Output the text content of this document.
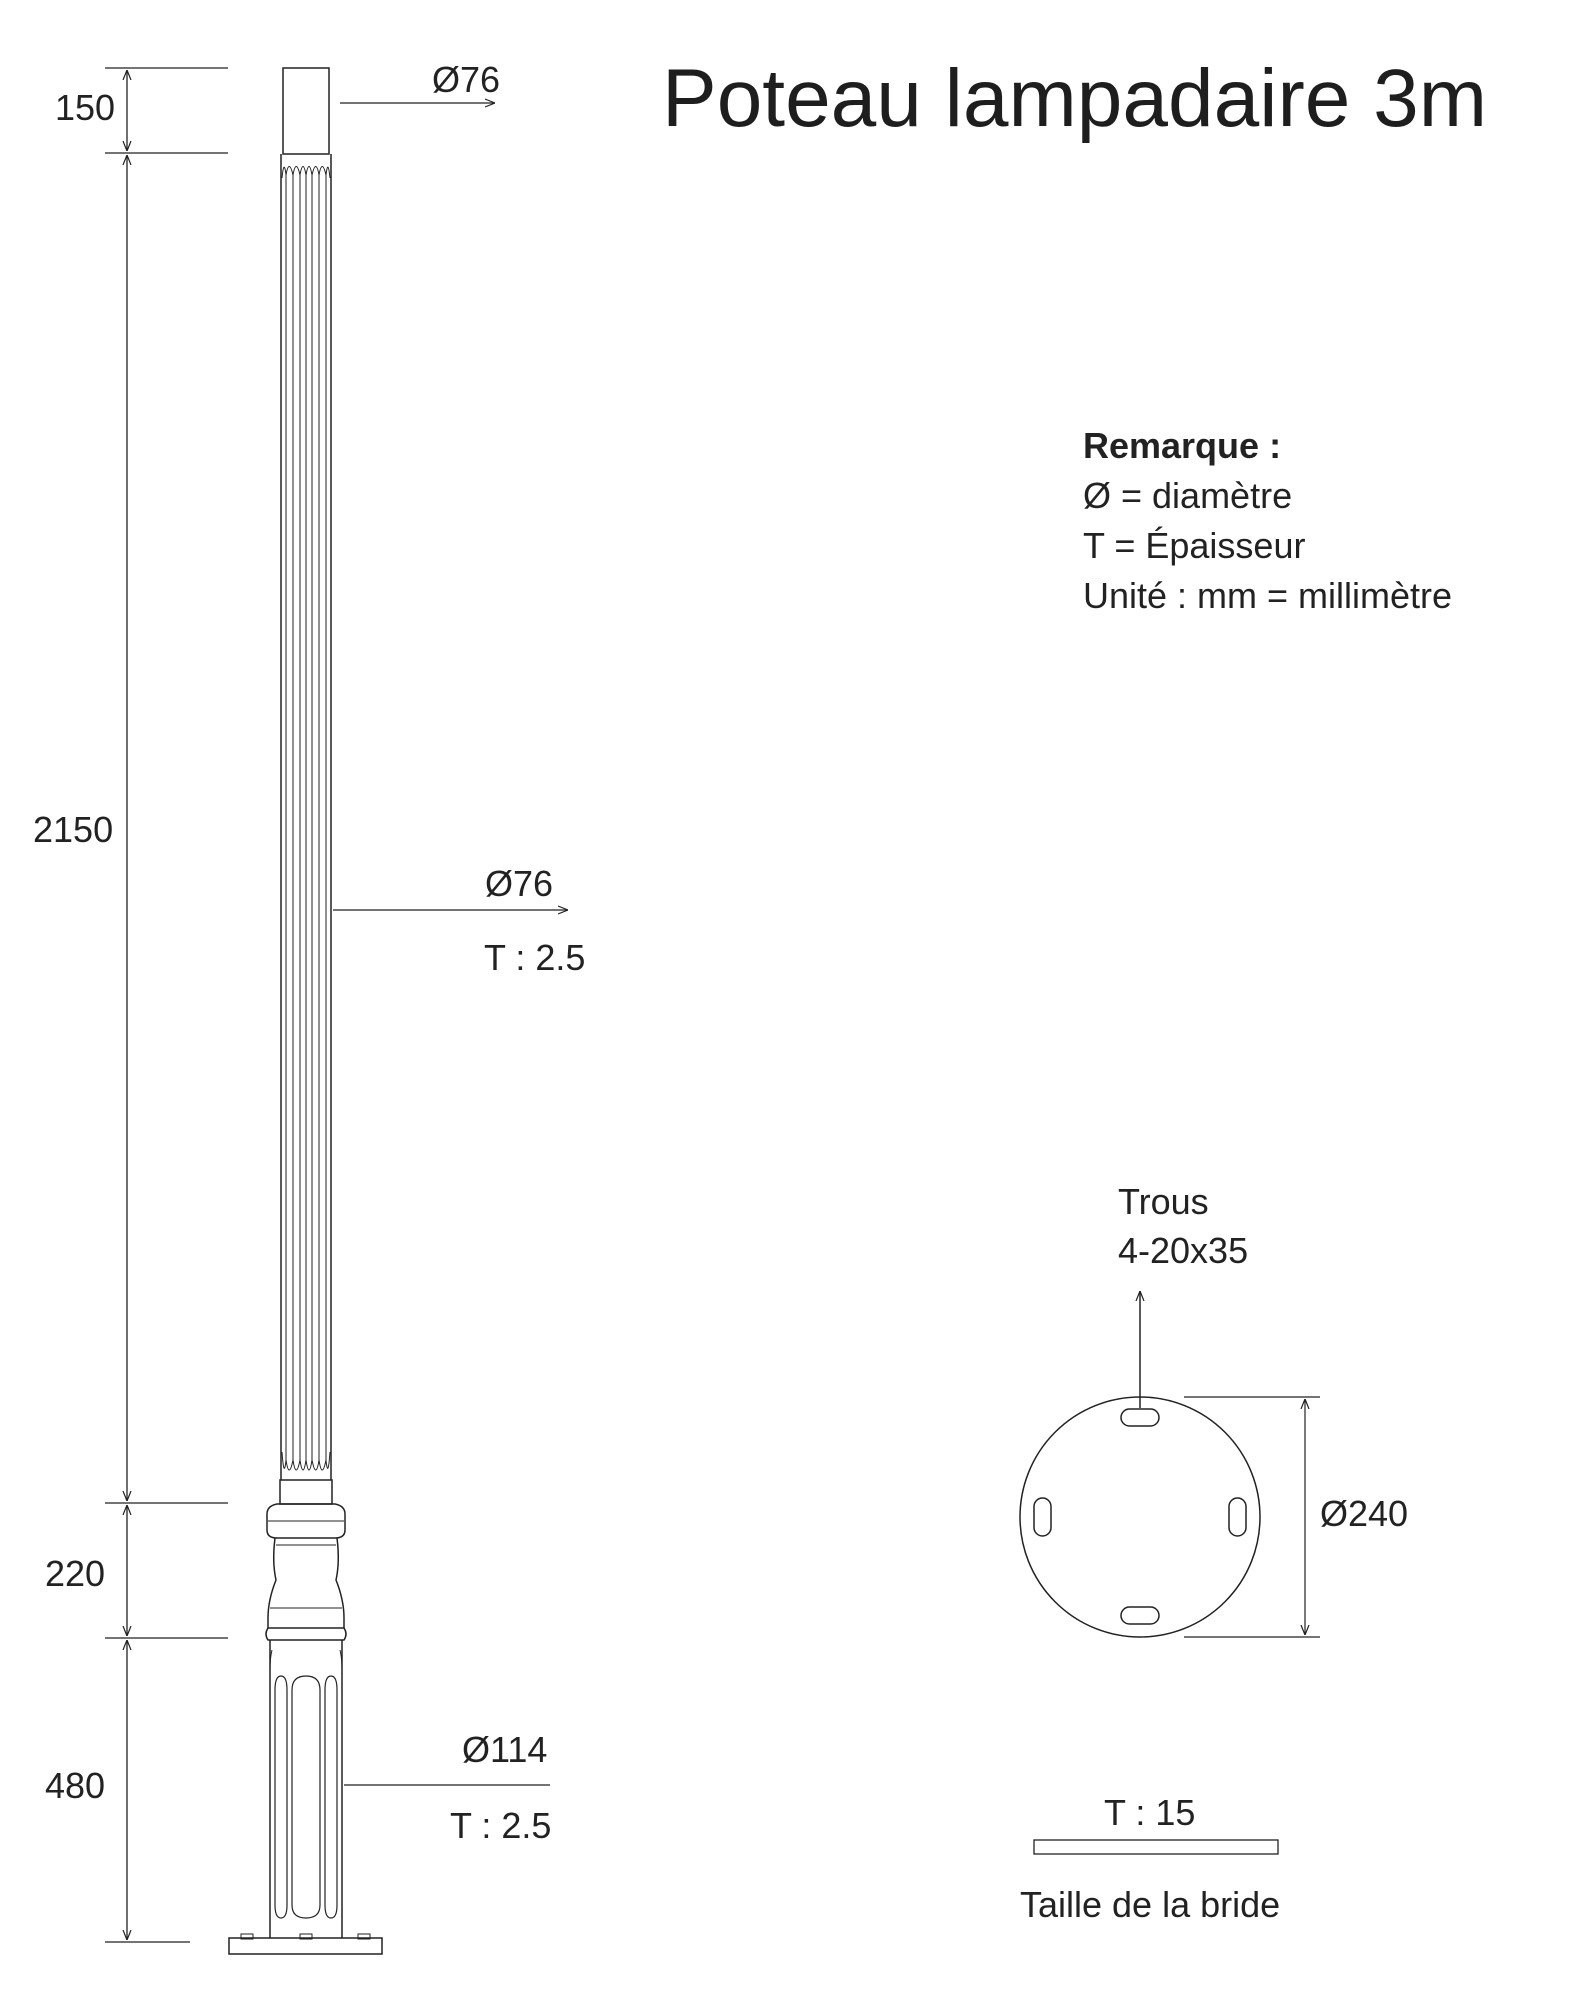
Poteau lampadaire 3m
Remarque :
Ø = diamètre
T = Épaisseur
Unité : mm = millimètre
150
2150
220
480
Ø76
Ø76
T : 2.5
Ø114
T : 2.5
Trous
4-20x35
Ø240
T : 15
Taille de la bride
